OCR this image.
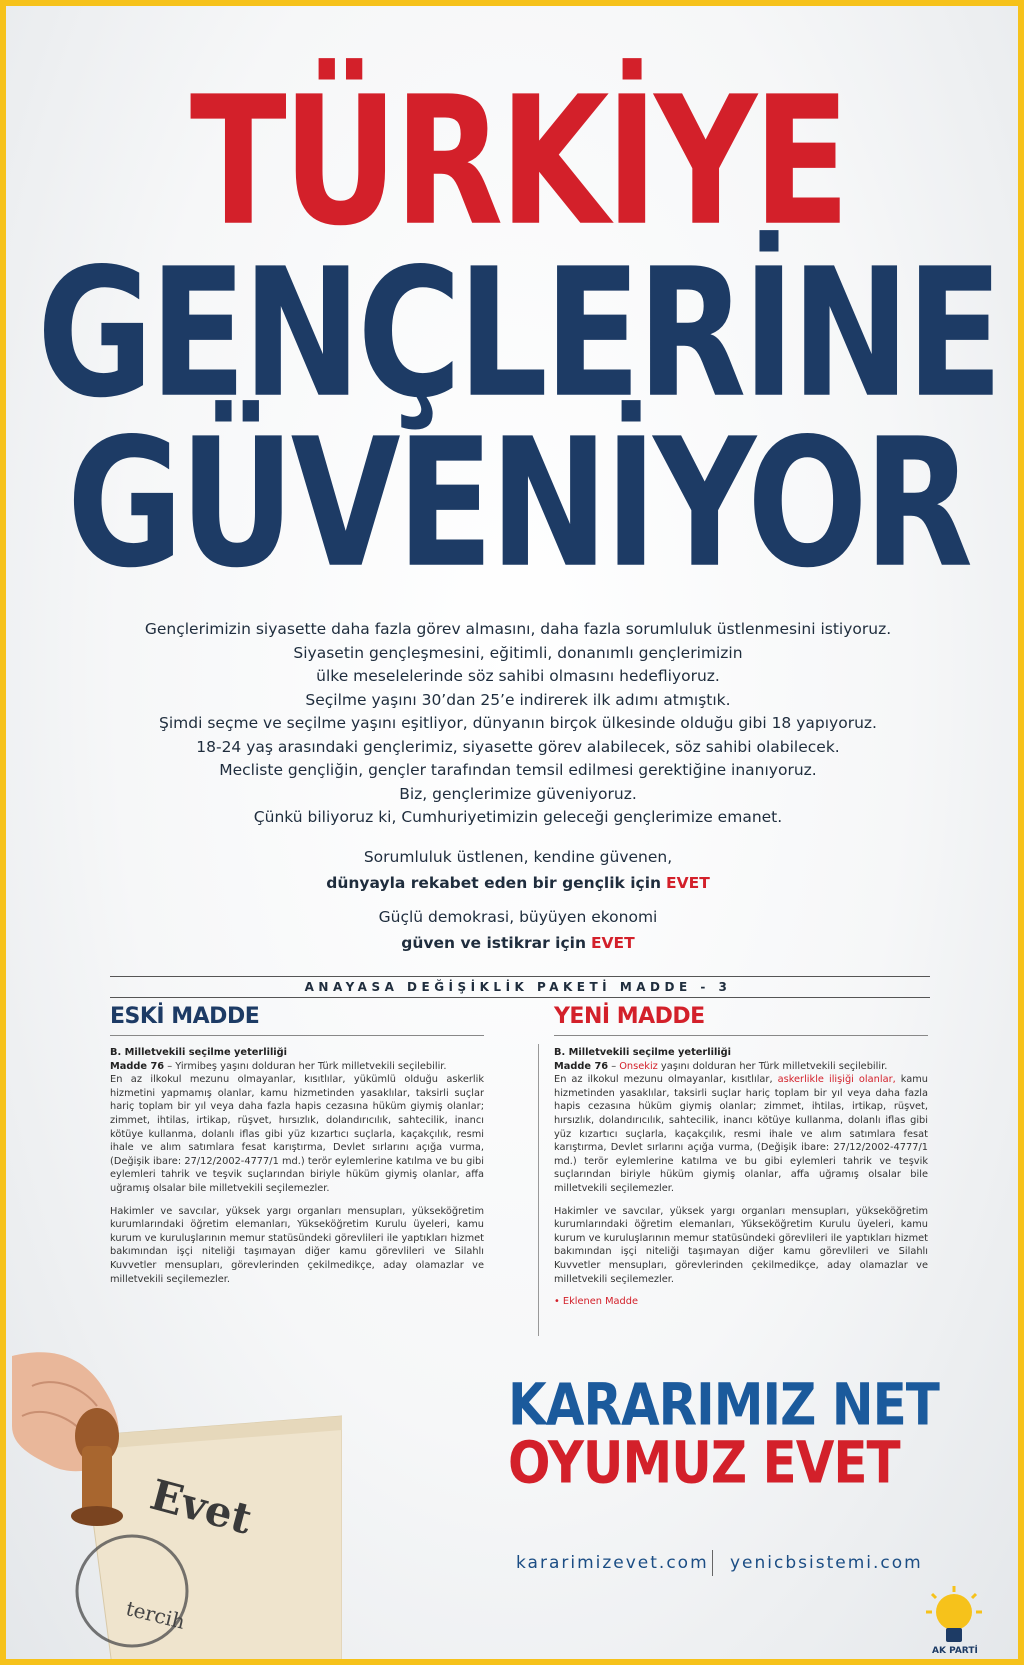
TÜRKİYE
GENÇLERİNE
GÜVENİYOR
Gençlerimizin siyasette daha fazla görev almasını, daha fazla sorumluluk üstlenmesini istiyoruz.
Siyasetin gençleşmesini, eğitimli, donanımlı gençlerimizin
ülke meselelerinde söz sahibi olmasını hedefliyoruz.
Seçilme yaşını 30’dan 25’e indirerek ilk adımı atmıştık.
Şimdi seçme ve seçilme yaşını eşitliyor, dünyanın birçok ülkesinde olduğu gibi 18 yapıyoruz.
18-24 yaş arasındaki gençlerimiz, siyasette görev alabilecek, söz sahibi olabilecek.
Mecliste gençliğin, gençler tarafından temsil edilmesi gerektiğine inanıyoruz.
Biz, gençlerimize güveniyoruz.
Çünkü biliyoruz ki, Cumhuriyetimizin geleceği gençlerimize emanet.
Sorumluluk üstlenen, kendine güvenen,
dünyayla rekabet eden bir gençlik için EVET
Güçlü demokrasi, büyüyen ekonomi
güven ve istikrar için EVET
ANAYASA DEĞİŞİKLİK PAKETİ MADDE - 3
ESKİ MADDE	YENİ MADDE
B. Milletvekili seçilme yeterliliği
Madde 76 – Yirmibeş yaşını dolduran her Türk milletvekili seçilebilir.

En az ilkokul mezunu olmayanlar, kısıtlılar, yükümlü olduğu askerlik hizmetini yapmamış olanlar, kamu hizmetinden yasaklılar, taksirli suçlar hariç toplam bir yıl veya daha fazla hapis cezasına hüküm giymiş olanlar; zimmet, ihtilas, irtikap, rüşvet, hırsızlık, dolandırıcılık, sahtecilik, inancı kötüye kullanma, dolanlı iflas gibi yüz kızartıcı suçlarla, kaçakçılık, resmi ihale ve alım satımlara fesat karıştırma, Devlet sırlarını açığa vurma, (Değişik ibare: 27/12/2002-4777/1 md.) terör eylemlerine katılma ve bu gibi eylemleri tahrik ve teşvik suçlarından biriyle hüküm giymiş olanlar, affa uğramış olsalar bile milletvekili seçilemezler.

Hakimler ve savcılar, yüksek yargı organları mensupları, yükseköğretim kurumlarındaki öğretim elemanları, Yükseköğretim Kurulu üyeleri, kamu kurum ve kuruluşlarının memur statüsündeki görevlileri ile yaptıkları hizmet bakımından işçi niteliği taşımayan diğer kamu görevlileri ve Silahlı Kuvvetler mensupları, görevlerinden çekilmedikçe, aday olamazlar ve milletvekili seçilemezler.

B. Milletvekili seçilme yeterliliği
Madde 76 – Onsekiz yaşını dolduran her Türk milletvekili seçilebilir.

En az ilkokul mezunu olmayanlar, kısıtlılar, askerlikle ilişiği olanlar, kamu hizmetinden yasaklılar, taksirli suçlar hariç toplam bir yıl veya daha fazla hapis cezasına hüküm giymiş olanlar; zimmet, ihtilas, irtikap, rüşvet, hırsızlık, dolandırıcılık, sahtecilik, inancı kötüye kullanma, dolanlı iflas gibi yüz kızartıcı suçlarla, kaçakçılık, resmi ihale ve alım satımlara fesat karıştırma, Devlet sırlarını açığa vurma, (Değişik ibare: 27/12/2002-4777/1 md.) terör eylemlerine katılma ve bu gibi eylemleri tahrik ve teşvik suçlarından biriyle hüküm giymiş olanlar, affa uğramış olsalar bile milletvekili seçilemezler.

Hakimler ve savcılar, yüksek yargı organları mensupları, yükseköğretim kurumlarındaki öğretim elemanları, Yükseköğretim Kurulu üyeleri, kamu kurum ve kuruluşlarının memur statüsündeki görevlileri ile yaptıkları hizmet bakımından işçi niteliği taşımayan diğer kamu görevlileri ve Silahlı Kuvvetler mensupları, görevlerinden çekilmedikçe, aday olamazlar ve milletvekili seçilemezler.

• Eklenen Madde
tercih
Evet
KARARIMIZ NET
OYUMUZ EVET
kararimizevet.com yenicbsistemi.com
AK PARTİ
